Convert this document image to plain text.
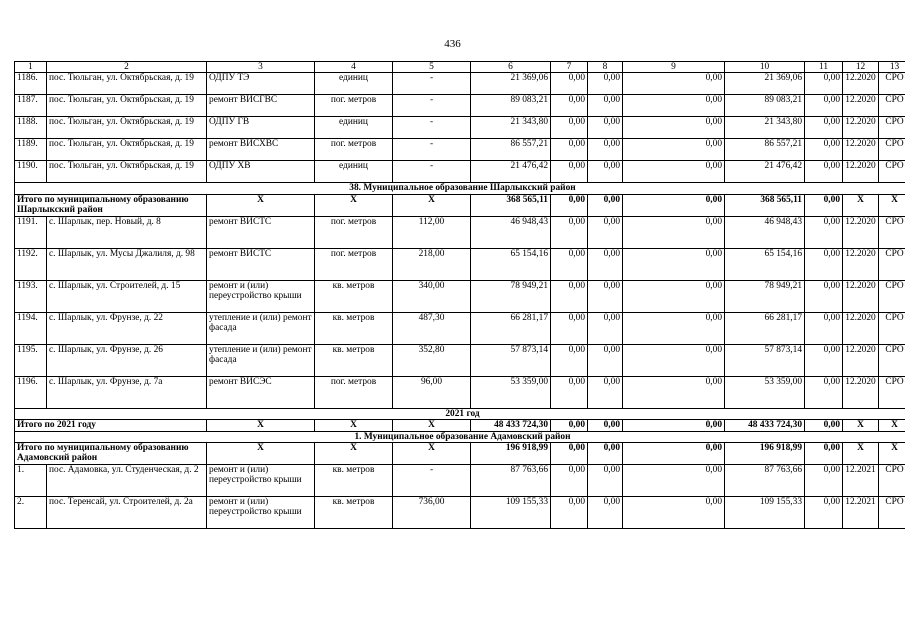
436
1	2	3	4	5	6	7	8	9	10	11	12	13
1186.	пос. Тюльган, ул. Октябрьская, д. 19	ОДПУ ТЭ	единиц	-	21 369,06	0,00	0,00	0,00	21 369,06	0,00	12.2020	СРО
1187.	пос. Тюльган, ул. Октябрьская, д. 19	ремонт ВИСГВС	пог. метров	-	89 083,21	0,00	0,00	0,00	89 083,21	0,00	12.2020	СРО
1188.	пос. Тюльган, ул. Октябрьская, д. 19	ОДПУ ГВ	единиц	-	21 343,80	0,00	0,00	0,00	21 343,80	0,00	12.2020	СРО
1189.	пос. Тюльган, ул. Октябрьская, д. 19	ремонт ВИСХВС	пог. метров	-	86 557,21	0,00	0,00	0,00	86 557,21	0,00	12.2020	СРО
1190.	пос. Тюльган, ул. Октябрьская, д. 19	ОДПУ ХВ	единиц	-	21 476,42	0,00	0,00	0,00	21 476,42	0,00	12.2020	СРО
38. Муниципальное образование Шарлыкский район												
Итого по муниципальному образованию Шарлыкский район		X	X	X	368 565,11	0,00	0,00	0,00	368 565,11	0,00	X	X
1191.	с. Шарлык, пер. Новый, д. 8	ремонт ВИСТС	пог. метров	112,00	46 948,43	0,00	0,00	0,00	46 948,43	0,00	12.2020	СРО
1192.	с. Шарлык, ул. Мусы Джалиля, д. 98	ремонт ВИСТС	пог. метров	218,00	65 154,16	0,00	0,00	0,00	65 154,16	0,00	12.2020	СРО
1193.	с. Шарлык, ул. Строителей, д. 15	ремонт и (или) переустройство крыши	кв. метров	340,00	78 949,21	0,00	0,00	0,00	78 949,21	0,00	12.2020	СРО
1194.	с. Шарлык, ул. Фрунзе, д. 22	утепление и (или) ремонт фасада	кв. метров	487,30	66 281,17	0,00	0,00	0,00	66 281,17	0,00	12.2020	СРО
1195.	с. Шарлык, ул. Фрунзе, д. 26	утепление и (или) ремонт фасада	кв. метров	352,80	57 873,14	0,00	0,00	0,00	57 873,14	0,00	12.2020	СРО
1196.	с. Шарлык, ул. Фрунзе, д. 7а	ремонт ВИСЭС	пог. метров	96,00	53 359,00	0,00	0,00	0,00	53 359,00	0,00	12.2020	СРО
2021 год												
Итого по 2021 году		X	X	X	48 433 724,30	0,00	0,00	0,00	48 433 724,30	0,00	X	X
1. Муниципальное образование Адамовский район												
Итого по муниципальному образованию Адамовский район		X	X	X	196 918,99	0,00	0,00	0,00	196 918,99	0,00	X	X
1.	пос. Адамовка, ул. Студенческая, д. 2	ремонт и (или) переустройство крыши	кв. метров	-	87 763,66	0,00	0,00	0,00	87 763,66	0,00	12.2021	СРО
2.	пос. Теренсай, ул. Строителей, д. 2а	ремонт и (или) переустройство крыши	кв. метров	736,00	109 155,33	0,00	0,00	0,00	109 155,33	0,00	12.2021	СРО
